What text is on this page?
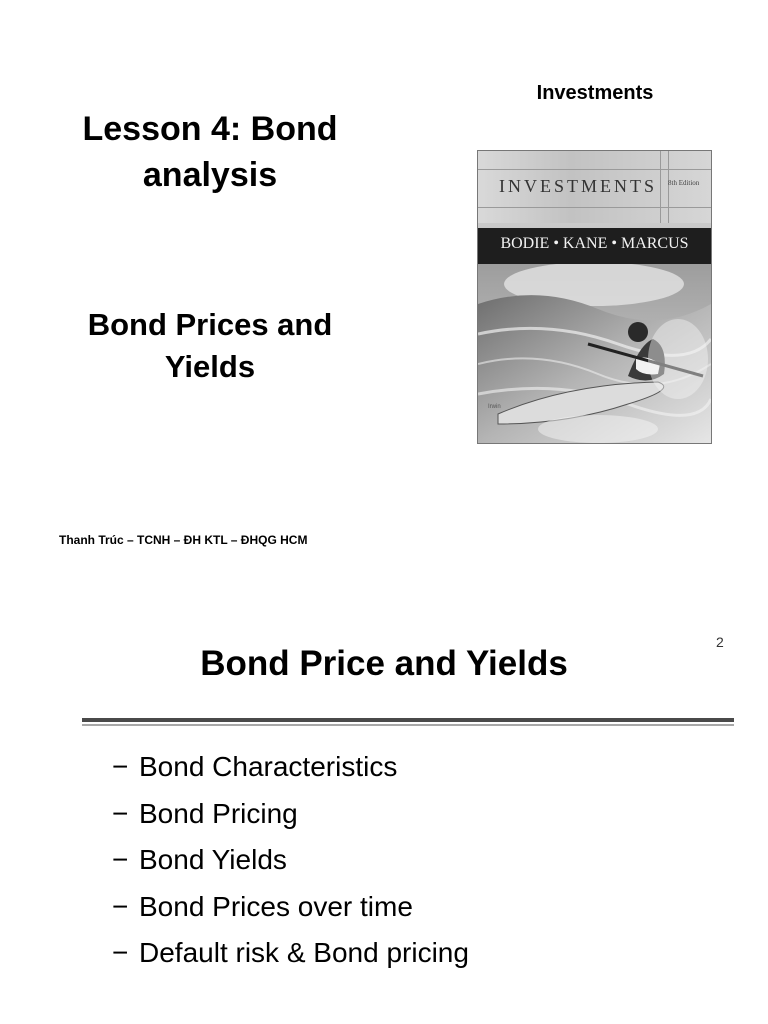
Lesson 4: Bond analysis
Bond Prices and Yields
Investments
INVESTMENTS	8th Edition
BODIE • KANE • MARCUS
Irwin
Thanh Trúc – TCNH – ĐH KTL – ĐHQG HCM
2
Bond Price and Yields
− Bond Characteristics
− Bond Pricing
− Bond Yields
− Bond Prices over time
− Default risk & Bond pricing
